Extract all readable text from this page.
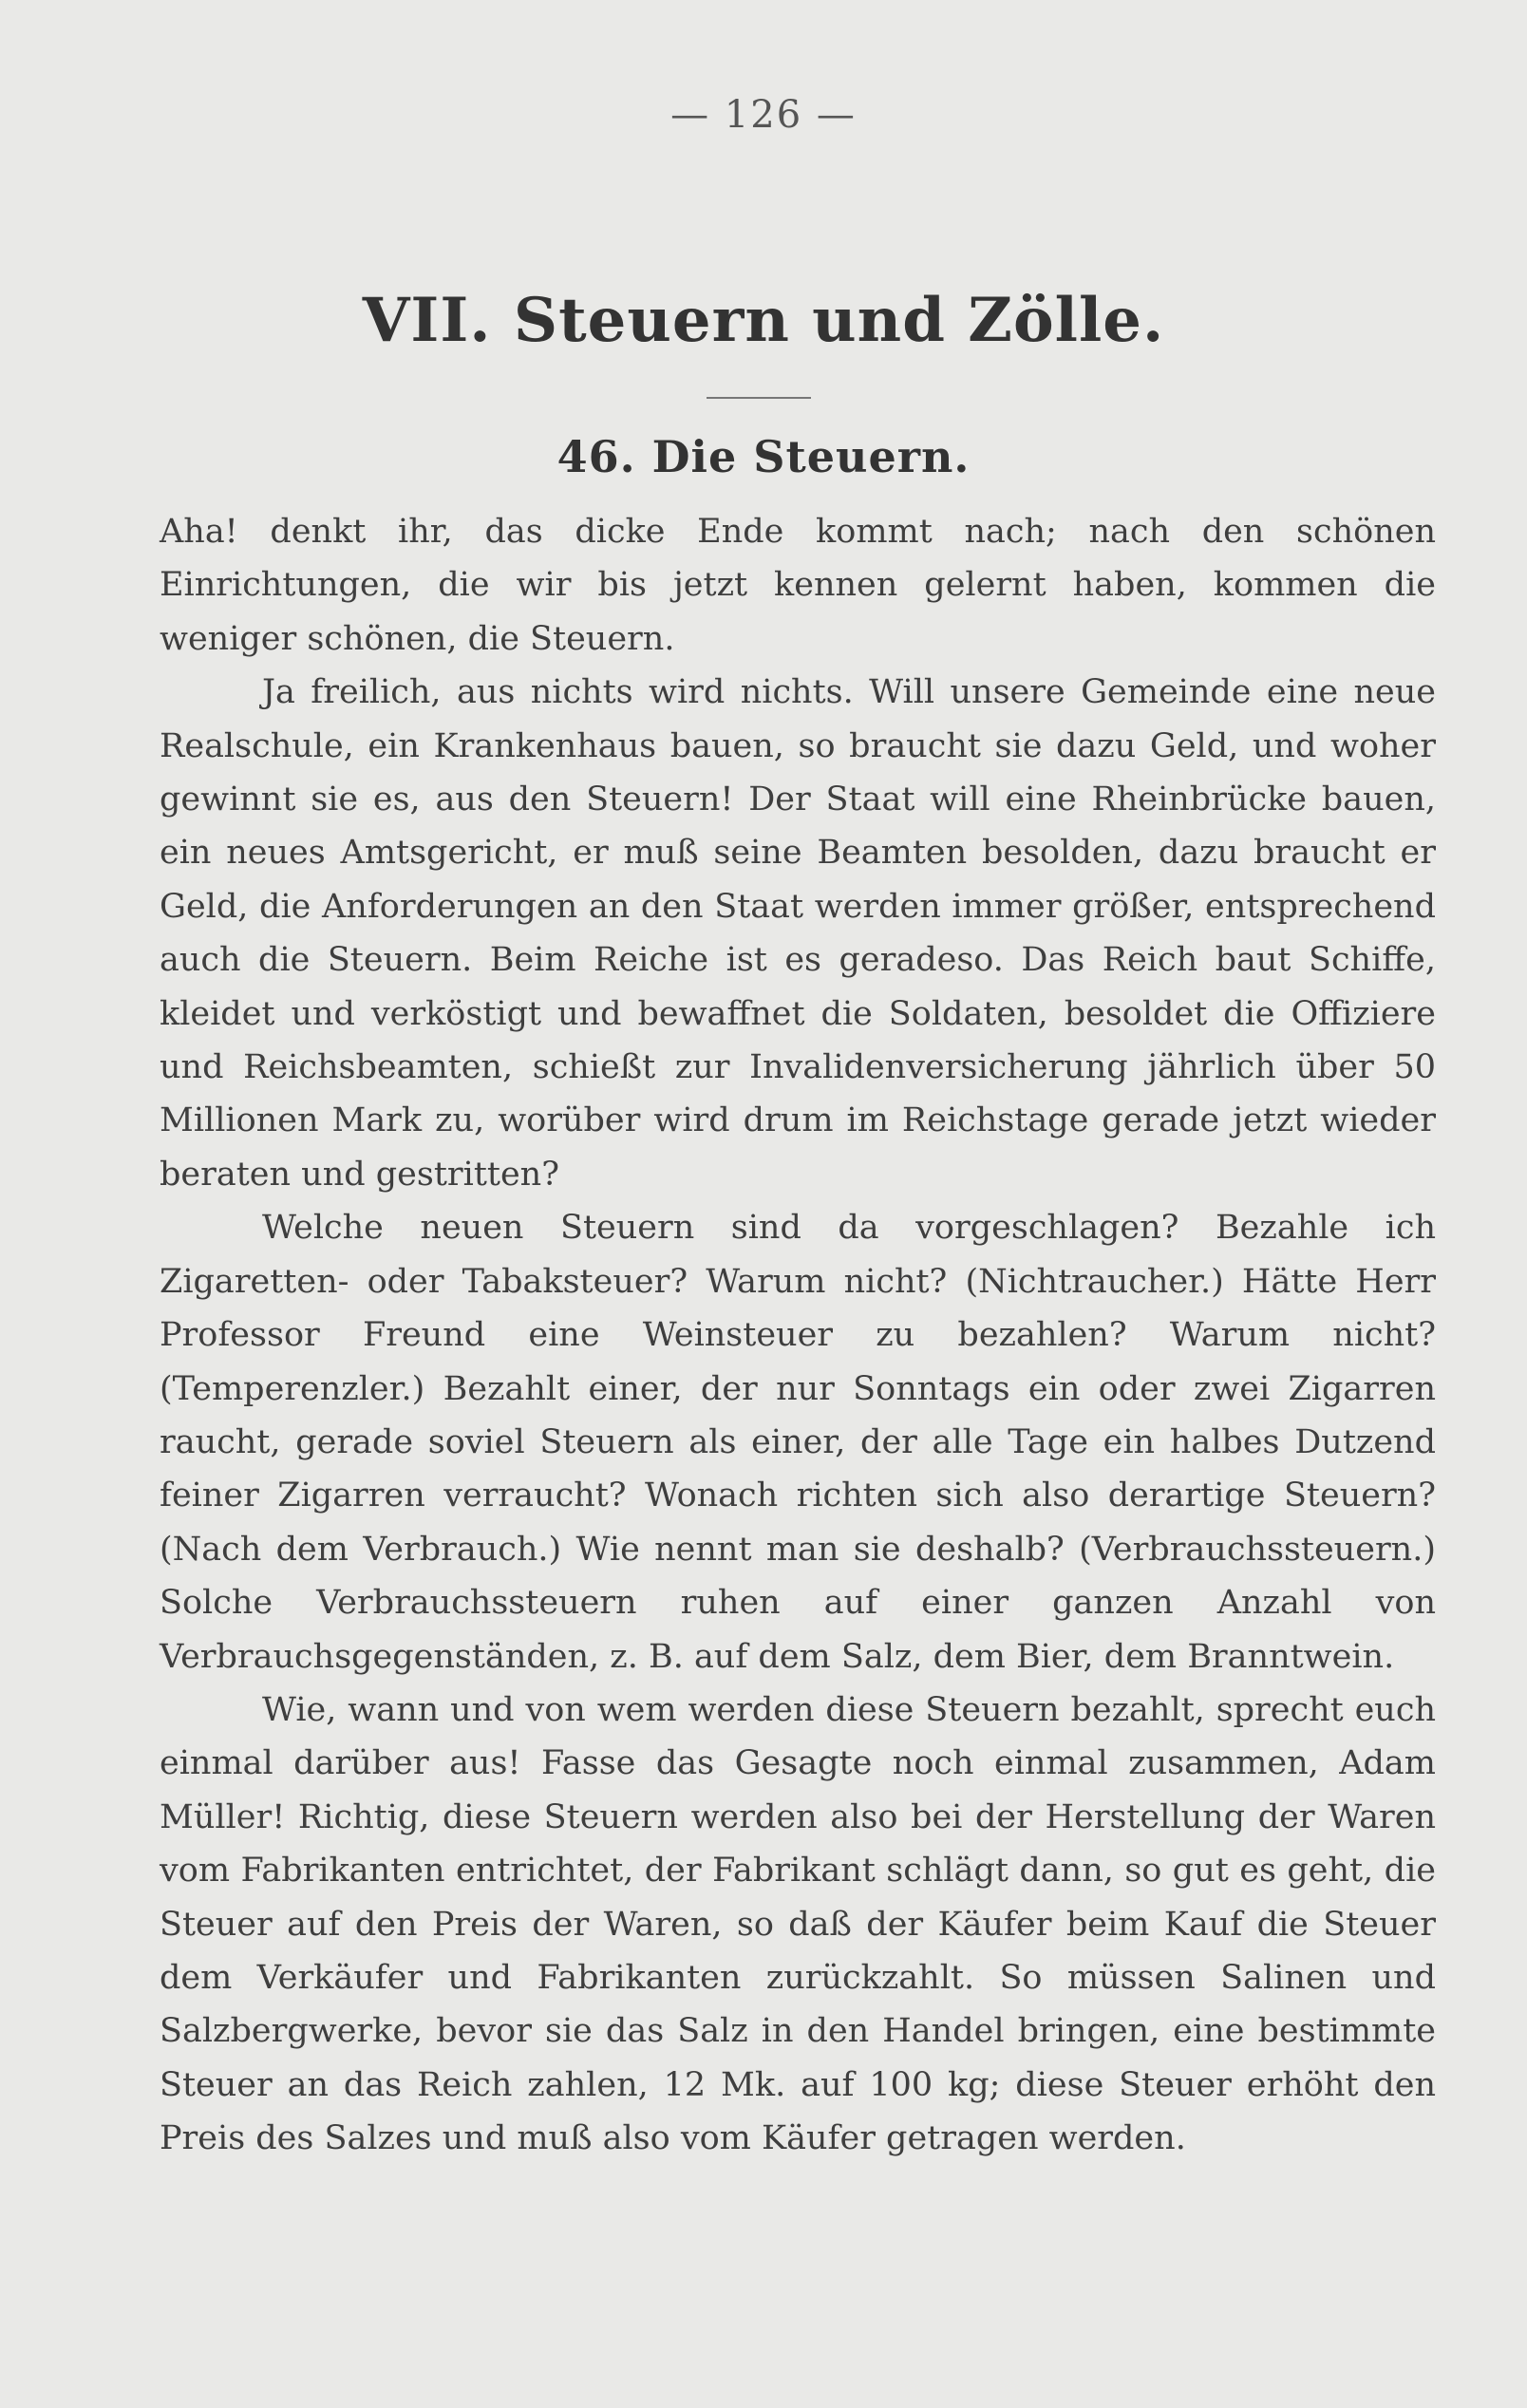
— 126 —
VII. Steuern und Zölle.
46. Die Steuern.

Aha! denkt ihr, das dicke Ende kommt nach; nach den schönen Einrichtungen, die wir bis jetzt kennen gelernt haben, kommen die weniger schönen, die Steuern.

Ja freilich, aus nichts wird nichts. Will unsere Gemeinde eine neue Realschule, ein Krankenhaus bauen, so braucht sie dazu Geld, und woher gewinnt sie es, aus den Steuern! Der Staat will eine Rheinbrücke bauen, ein neues Amtsgericht, er muß seine Beamten besolden, dazu braucht er Geld, die Anforderungen an den Staat werden immer größer, entsprechend auch die Steuern. Beim Reiche ist es geradeso. Das Reich baut Schiffe, kleidet und verköstigt und bewaffnet die Soldaten, besoldet die Offiziere und Reichsbeamten, schießt zur Invalidenversicherung jährlich über 50 Millionen Mark zu, worüber wird drum im Reichstage gerade jetzt wieder beraten und gestritten?

Welche neuen Steuern sind da vorgeschlagen? Bezahle ich Zigaretten- oder Tabaksteuer? Warum nicht? (Nichtraucher.) Hätte Herr Professor Freund eine Weinsteuer zu bezahlen? Warum nicht? (Temperenzler.) Bezahlt einer, der nur Sonntags ein oder zwei Zigarren raucht, gerade soviel Steuern als einer, der alle Tage ein halbes Dutzend feiner Zigarren verraucht? Wonach richten sich also derartige Steuern? (Nach dem Verbrauch.) Wie nennt man sie deshalb? (Verbrauchssteuern.) Solche Verbrauchssteuern ruhen auf einer ganzen Anzahl von Verbrauchsgegenständen, z. B. auf dem Salz, dem Bier, dem Branntwein.

Wie, wann und von wem werden diese Steuern bezahlt, sprecht euch einmal darüber aus! Fasse das Gesagte noch einmal zusammen, Adam Müller! Richtig, diese Steuern werden also bei der Herstellung der Waren vom Fabrikanten entrichtet, der Fabrikant schlägt dann, so gut es geht, die Steuer auf den Preis der Waren, so daß der Käufer beim Kauf die Steuer dem Verkäufer und Fabrikanten zurückzahlt. So müssen Salinen und Salzbergwerke, bevor sie das Salz in den Handel bringen, eine bestimmte Steuer an das Reich zahlen, 12 Mk. auf 100 kg; diese Steuer erhöht den Preis des Salzes und muß also vom Käufer getragen werden.
